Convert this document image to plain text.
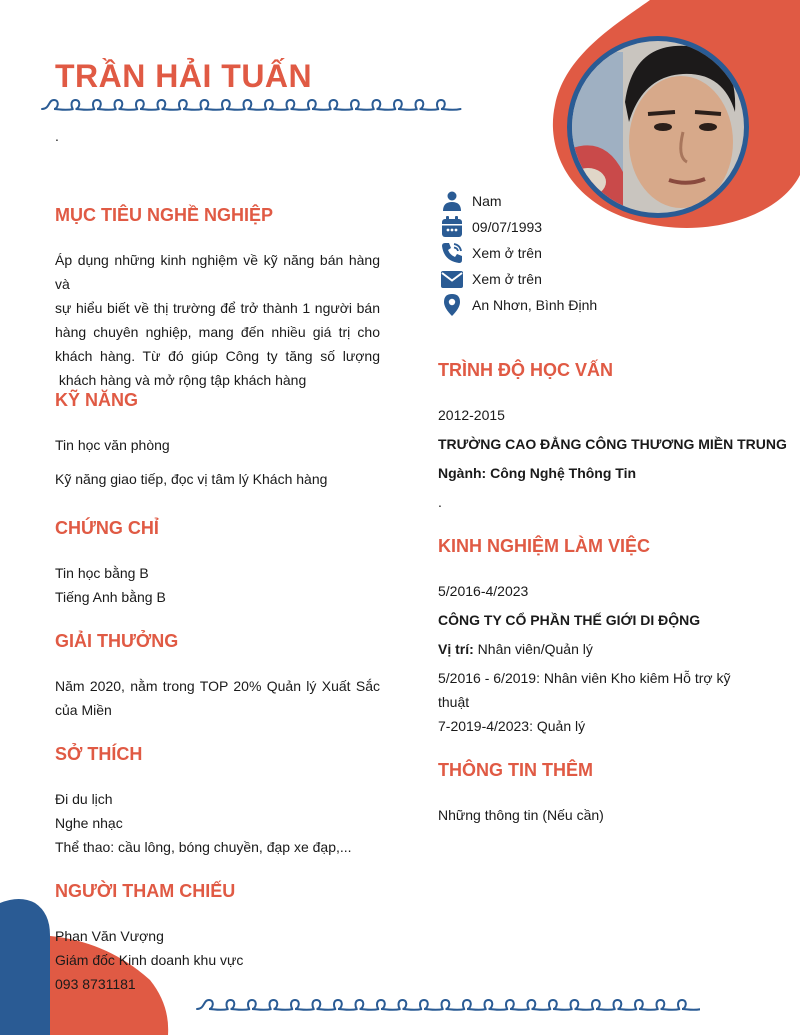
TRẦN HẢI TUẤN
.
Nam
09/07/1993
Xem ở trên
Xem ở trên
An Nhơn, Bình Định
MỤC TIÊU NGHỀ NGHIỆP

Áp dụng những kinh nghiệm về kỹ năng bán hàng và

sự hiểu biết về thị trường để trở thành 1 người bán

hàng chuyên nghiệp, mang đến nhiều giá trị cho

khách hàng. Từ đó giúp Công ty tăng số lượng

khách hàng và mở rộng tập khách hàng

KỸ NĂNG

Tin học văn phòng

Kỹ năng giao tiếp, đọc vị tâm lý Khách hàng

CHỨNG CHỈ

Tin học bằng B

Tiếng Anh bằng B

GIẢI THƯỞNG

Năm 2020, nằm trong TOP 20% Quản lý Xuất Sắc

của Miền

SỞ THÍCH

Đi du lịch

Nghe nhạc

Thể thao: cầu lông, bóng chuyền, đạp xe đạp,...

NGƯỜI THAM CHIẾU

Phan Văn Vượng

Giám đốc Kinh doanh khu vực

093 8731181

TRÌNH ĐỘ HỌC VẤN

2012-2015

TRƯỜNG CAO ĐẲNG CÔNG THƯƠNG MIỀN TRUNG

Ngành: Công Nghệ Thông Tin

.

KINH NGHIỆM LÀM VIỆC

5/2016-4/2023

CÔNG TY CỔ PHẦN THẾ GIỚI DI ĐỘNG

Vị trí: Nhân viên/Quản lý

5/2016 - 6/2019: Nhân viên Kho kiêm Hỗ trợ kỹ

thuật

7-2019-4/2023: Quản lý

THÔNG TIN THÊM

Những thông tin (Nếu cần)
